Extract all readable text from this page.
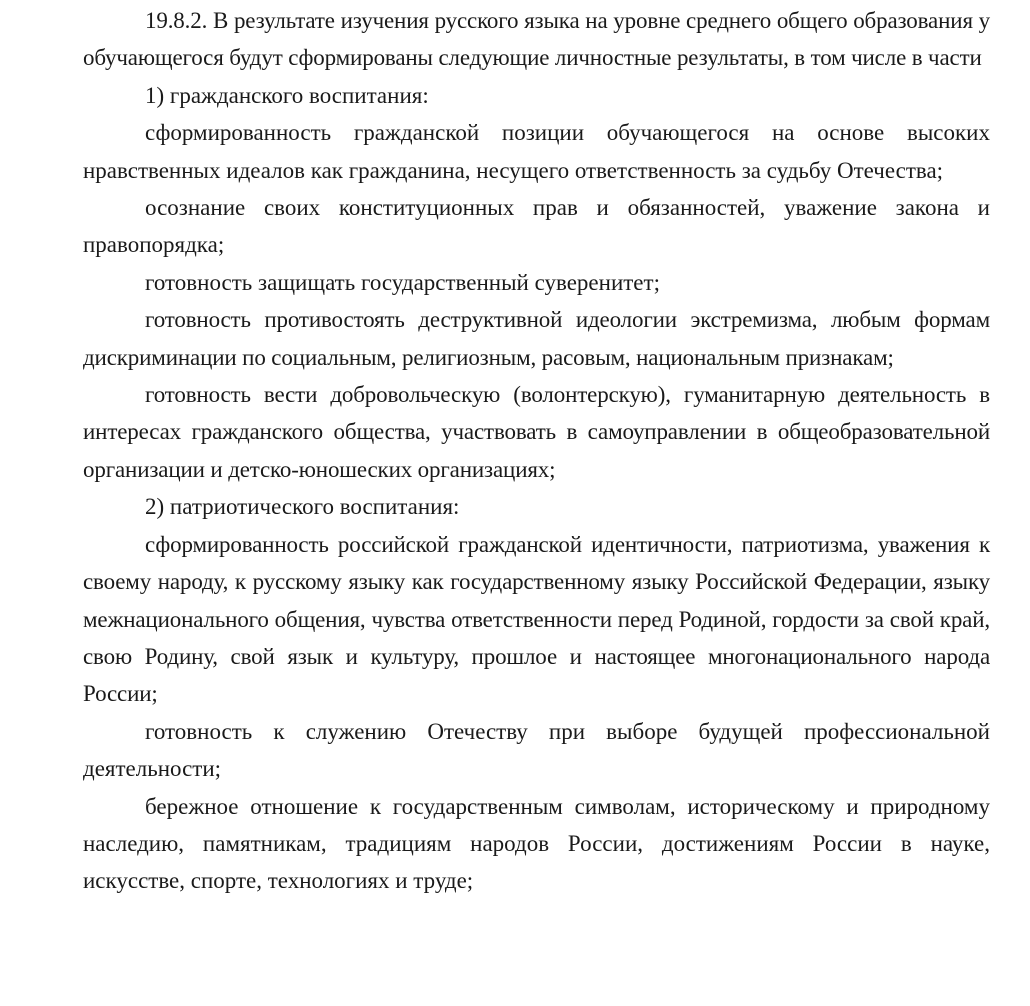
19.8.2. В результате изучения русского языка на уровне среднего общего образования у обучающегося будут сформированы следующие личностные результаты, в том числе в части

1) гражданского воспитания:

сформированность гражданской позиции обучающегося на основе высоких нравственных идеалов как гражданина, несущего ответственность за судьбу Отечества;

осознание своих конституционных прав и обязанностей, уважение закона и правопорядка;

готовность защищать государственный суверенитет;

готовность противостоять деструктивной идеологии экстремизма, любым формам дискриминации по социальным, религиозным, расовым, национальным признакам;

готовность вести добровольческую (волонтерскую), гуманитарную деятельность в интересах гражданского общества, участвовать в самоуправлении в общеобразовательной организации и детско-юношеских организациях;

2) патриотического воспитания:

сформированность российской гражданской идентичности, патриотизма, уважения к своему народу, к русскому языку как государственному языку Российской Федерации, языку межнационального общения, чувства ответственности перед Родиной, гордости за свой край, свою Родину, свой язык и культуру, прошлое и настоящее многонационального народа России;

готовность к служению Отечеству при выборе будущей профессиональной деятельности;

бережное отношение к государственным символам, историческому и природному наследию, памятникам, традициям народов России, достижениям России в науке, искусстве, спорте, технологиях и труде;
